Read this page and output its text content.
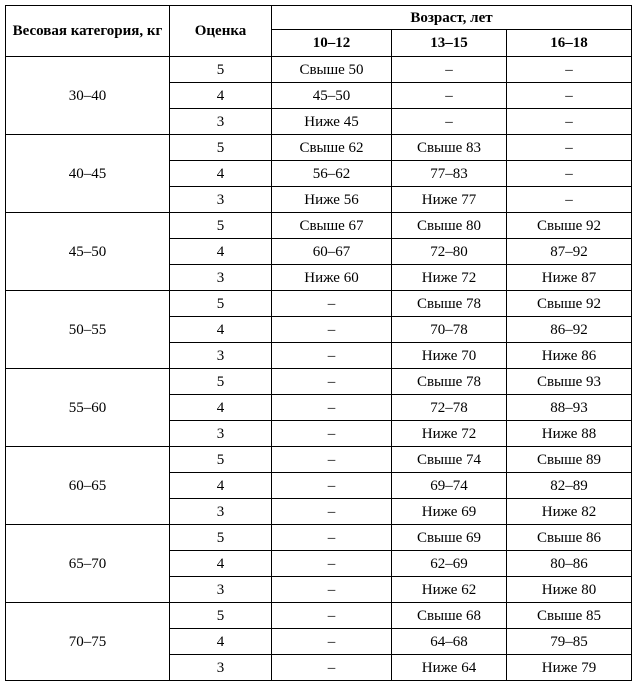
Весовая категория, кг	Оценка	Возраст, лет		
		10–12	13–15	16–18
30–40	5	Свыше 50	–	–
	4	45–50	–	–
	3	Ниже 45	–	–
40–45	5	Свыше 62	Свыше 83	–
	4	56–62	77–83	–
	3	Ниже 56	Ниже 77	–
45–50	5	Свыше 67	Свыше 80	Свыше 92
	4	60–67	72–80	87–92
	3	Ниже 60	Ниже 72	Ниже 87
50–55	5	–	Свыше 78	Свыше 92
	4	–	70–78	86–92
	3	–	Ниже 70	Ниже 86
55–60	5	–	Свыше 78	Свыше 93
	4	–	72–78	88–93
	3	–	Ниже 72	Ниже 88
60–65	5	–	Свыше 74	Свыше 89
	4	–	69–74	82–89
	3	–	Ниже 69	Ниже 82
65–70	5	–	Свыше 69	Свыше 86
	4	–	62–69	80–86
	3	–	Ниже 62	Ниже 80
70–75	5	–	Свыше 68	Свыше 85
	4	–	64–68	79–85
	3	–	Ниже 64	Ниже 79
